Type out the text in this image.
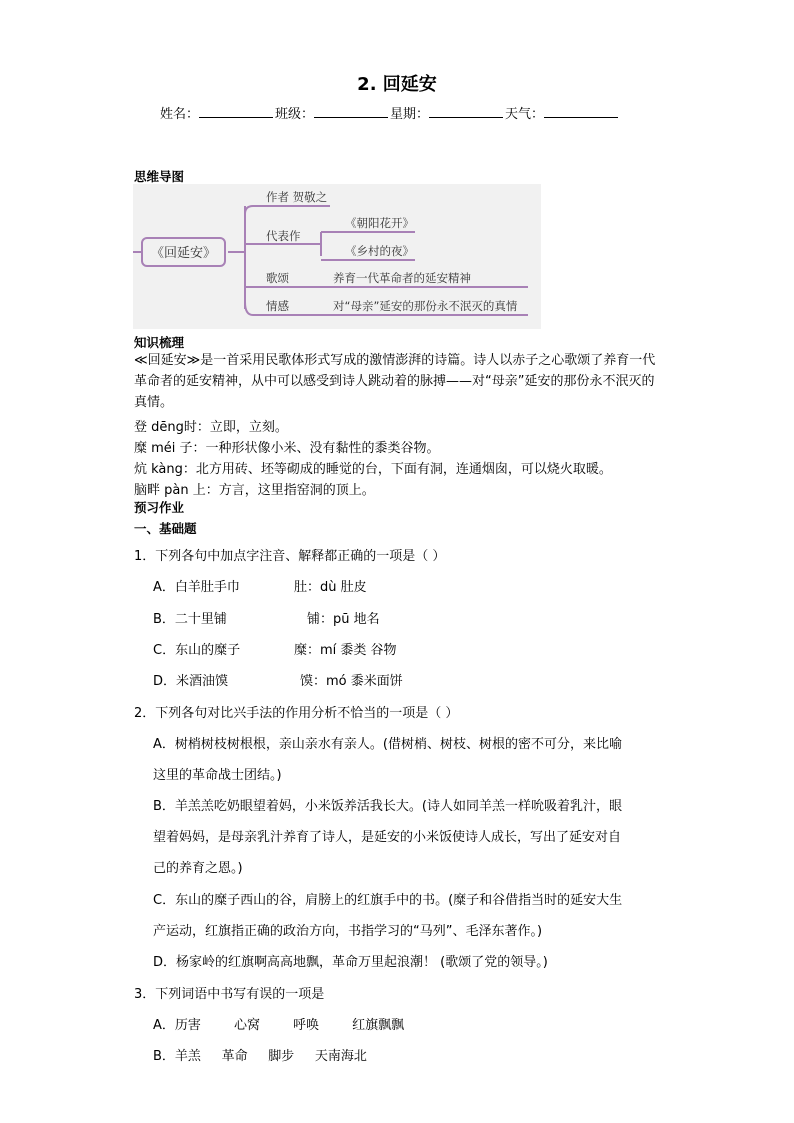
2. 回延安
姓名：	班级：	星期：	天气：
思维导图
《回延安》
作者 贺敬之
代表作
《朝阳花开》
《乡村的夜》
歌颂	养育一代革命者的延安精神
情感	对“母亲”延安的那份永不泯灭的真情
知识梳理
≪回延安≫是一首采用民歌体形式写成的激情澎湃的诗篇。诗人以赤子之心歌颂了养育一代革命者的延安精神，从中可以感受到诗人跳动着的脉搏——对“母亲”延安的那份永不泯灭的真情。
登 dēng时：立即，立刻。
糜 méi 子：一种形状像小米、没有黏性的黍类谷物。
炕 kàng：北方用砖、坯等砌成的睡觉的台，下面有洞，连通烟囱，可以烧火取暖。
脑畔 pàn 上：方言，这里指窑洞的顶上。
预习作业
一、基础题
1．下列各句中加点字注音、解释都正确的一项是（ ）
A．白羊肚手巾	肚：dù 肚皮
B．二十里铺	铺：pū 地名
C．东山的糜子	糜：mí 黍类 谷物
D．米酒油馍	馍：mó 黍米面饼
2．下列各句对比兴手法的作用分析不恰当的一项是（ ）
A．树梢树枝树根根，亲山亲水有亲人。(借树梢、树枝、树根的密不可分，来比喻
这里的革命战士团结。)
B．羊羔羔吃奶眼望着妈，小米饭养活我长大。(诗人如同羊羔一样吮吸着乳汁，眼
望着妈妈，是母亲乳汁养育了诗人，是延安的小米饭使诗人成长，写出了延安对自
己的养育之恩。)
C．东山的糜子西山的谷，肩膀上的红旗手中的书。(糜子和谷借指当时的延安大生
产运动，红旗指正确的政治方向，书指学习的“马列”、毛泽东著作。)
D．杨家岭的红旗啊高高地飘，革命万里起浪潮！ (歌颂了党的领导。)
3．下列词语中书写有误的一项是
A．历害        心窝        呼唤        红旗飘飘
B．羊羔     革命     脚步     天南海北
